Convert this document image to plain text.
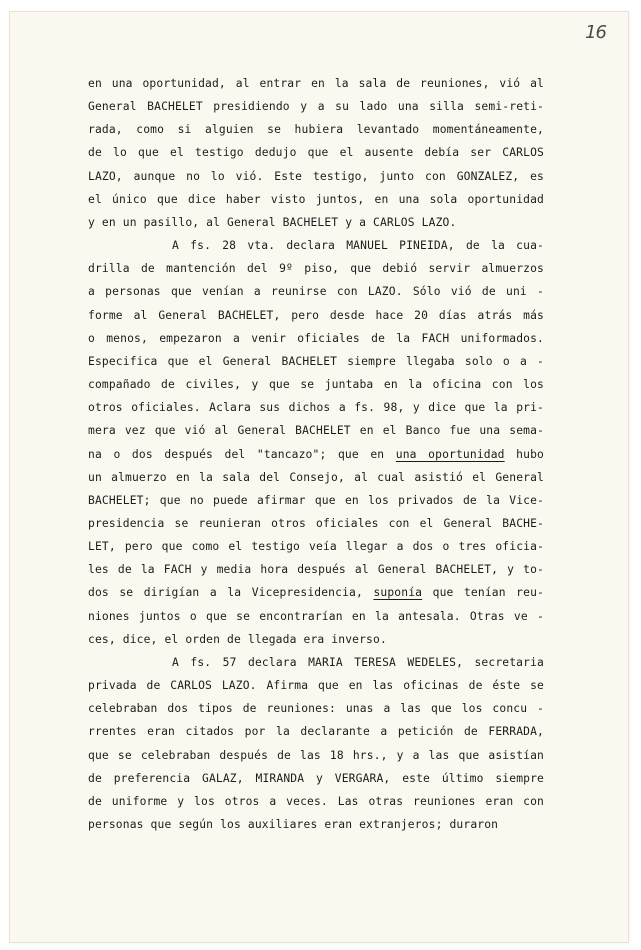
16
en una oportunidad, al entrar en la sala de reuniones, vió al
General BACHELET presidiendo y a su lado una silla semi-reti-
rada, como si alguien se hubiera levantado momentáneamente,
de lo que el testigo dedujo que el ausente debía ser CARLOS
LAZO, aunque no lo vió. Este testigo, junto con GONZALEZ, es
el único que dice haber visto juntos, en una sola oportunidad
y en un pasillo, al General BACHELET y a CARLOS LAZO.
A fs. 28 vta. declara MANUEL PINEIDA, de la cua-
drilla de mantención del 9º piso, que debió servir almuerzos
a personas que venían a reunirse con LAZO. Sólo vió de uni -
forme al General BACHELET, pero desde hace 20 días atrás más
o menos, empezaron a venir oficiales de la FACH uniformados.
Especifica que el General BACHELET siempre llegaba solo o a -
compañado de civiles, y que se juntaba en la oficina con los
otros oficiales. Aclara sus dichos a fs. 98, y dice que la pri-
mera vez que vió al General BACHELET en el Banco fue una sema-
na o dos después del "tancazo"; que en una oportunidad hubo
un almuerzo en la sala del Consejo, al cual asistió el General
BACHELET; que no puede afirmar que en los privados de la Vice-
presidencia se reunieran otros oficiales con el General BACHE-
LET, pero que como el testigo veía llegar a dos o tres oficia-
les de la FACH y media hora después al General BACHELET, y to-
dos se dirigían a la Vicepresidencia, suponía que tenían reu-
niones juntos o que se encontrarían en la antesala. Otras ve -
ces, dice, el orden de llegada era inverso.
A fs. 57 declara MARIA TERESA WEDELES, secretaria
privada de CARLOS LAZO. Afirma que en las oficinas de éste se
celebraban dos tipos de reuniones: unas a las que los concu -
rrentes eran citados por la declarante a petición de FERRADA,
que se celebraban después de las 18 hrs., y a las que asistían
de preferencia GALAZ, MIRANDA y VERGARA, este último siempre
de uniforme y los otros a veces. Las otras reuniones eran con
personas que según los auxiliares eran extranjeros; duraron
